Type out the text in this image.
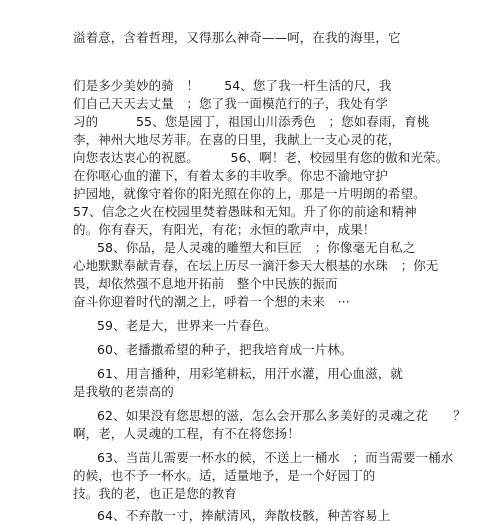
溢着意，含着哲理，又得那么神奇——呵，在我的海里，它
们是多少美妙的骑　！　　54、您了我一杆生活的尺，我
们自己天天去丈量　；您了我一面模范行的子，我处有学
习的　　　55、您是园丁，祖国山川添秀色　；您如春雨，育桃
李，神州大地尽芳菲。在喜的日里，我献上一支心灵的花，
向您表达衷心的祝愿。　　　56、啊！老，校园里有您的傲和光荣。
在你呕心血的灌下，有着太多的丰收季。你忠不渝地守护
护园地，就像守着你的阳光照在你的上，那是一片明朗的希望。
57、信念之火在校园里焚着愚昧和无知。升了你的前途和精神
的。你有春天，有阳光，有花；永恒的歌声中，成果！
58、你品，是人灵魂的雕塑大和巨匠　；你像毫无自私之
心地默默奉献青春，在坛上历尽一滴汗参天大根基的水珠　；你无
畏，却依然强不息地开拓前　整个中民族的振而
奋斗你迎着时代的潮之上，呼着一个想的未来　···
59、老是大，世界来一片春色。
60、老播撒希望的种子，把我培育成一片林。
61、用言播种，用彩笔耕耘，用汗水灌，用心血滋，就
是我敬的老崇高的
62、如果没有您思想的滋，怎么会开那么多美好的灵魂之花　　？
啊，老，人灵魂的工程，有不在将您扬！
63、当苗儿需要一杯水的候，不送上一桶水　；而当需要一桶水
的候，也不予一杯水。适，适量地予，是一个好园丁的
技。我的老，也正是您的教育
64、不弃散一寸，捧献清风，奔散枝骸，种苦容易上
